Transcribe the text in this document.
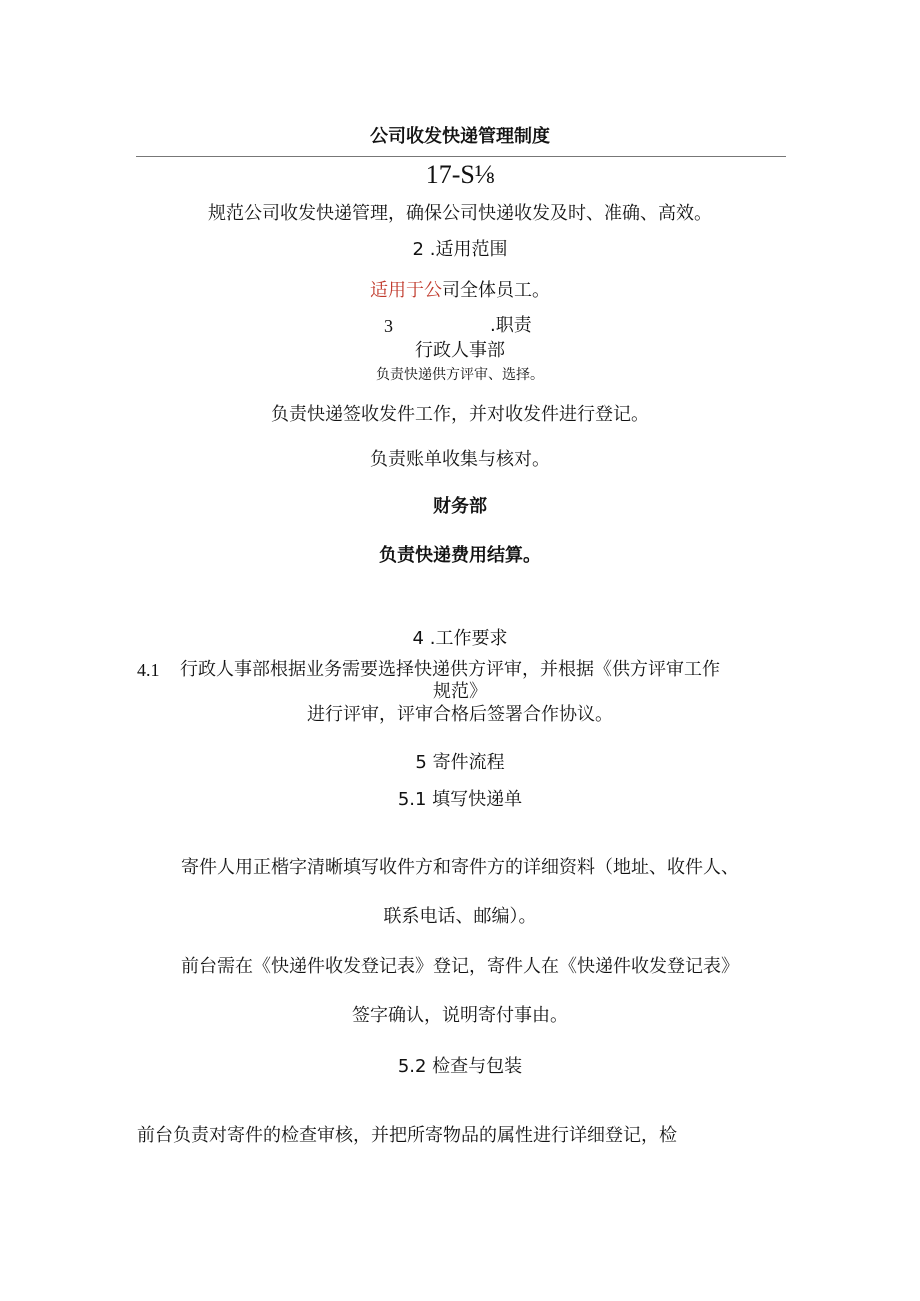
公司收发快递管理制度
17-S⅛
规范公司收发快递管理，确保公司快递收发及时、准确、高效。
2 .适用范围
适用于公司全体员工。
3	.职责
行政人事部
负责快递供方评审、选择。
负责快递签收发件工作，并对收发件进行登记。
负责账单收集与核对。
财务部
负责快递费用结算。
4 .工作要求
4.1 行政人事部根据业务需要选择快递供方评审，并根据《供方评审工作
规范》
进行评审，评审合格后签署合作协议。
5 寄件流程
5.1 填写快递单
寄件人用正楷字清晰填写收件方和寄件方的详细资料（地址、收件人、
联系电话、邮编）。
前台需在《快递件收发登记表》登记，寄件人在《快递件收发登记表》
签字确认，说明寄付事由。
5.2 检查与包装
前台负责对寄件的检查审核，并把所寄物品的属性进行详细登记，检
